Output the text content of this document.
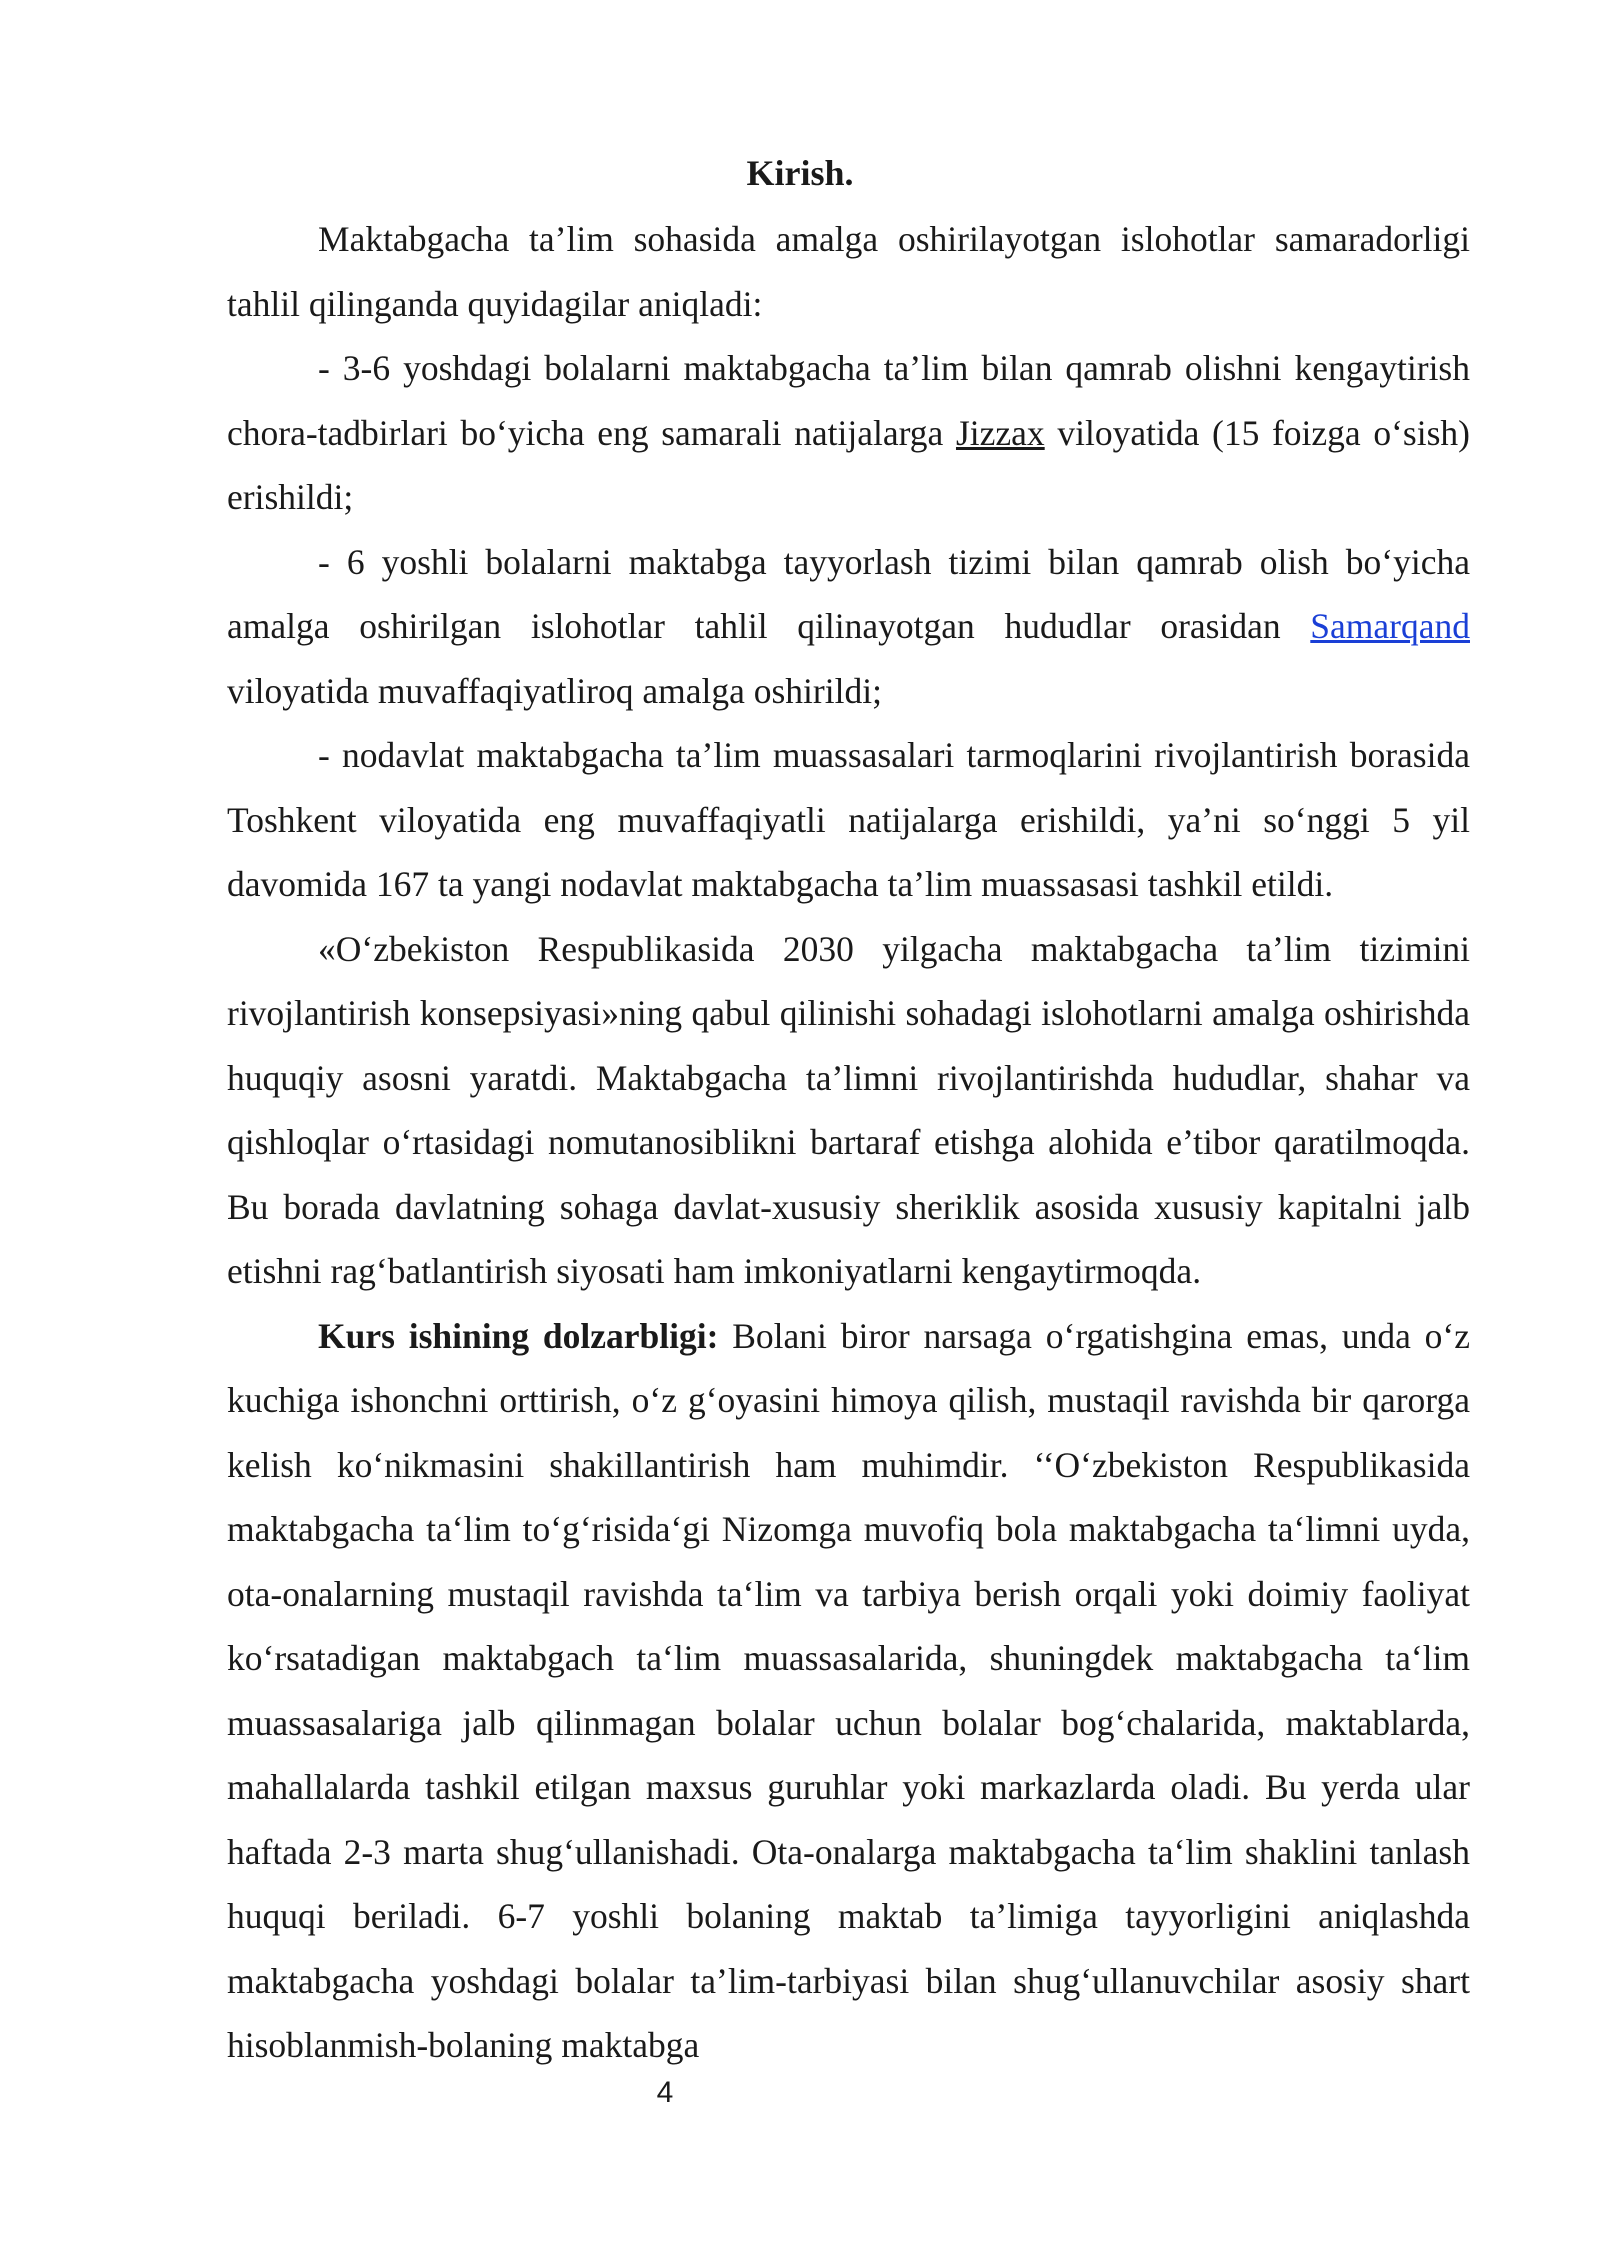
Kirish.

Maktabgacha ta’lim sohasida amalga oshirilayotgan islohotlar samaradorligi tahlil qilinganda quyidagilar aniqladi:

- 3-6 yoshdagi bolalarni maktabgacha ta’lim bilan qamrab olishni kengaytirish chora-tadbirlari bo‘yicha eng samarali natijalarga Jizzax viloyatida (15 foizga o‘sish) erishildi;

- 6 yoshli bolalarni maktabga tayyorlash tizimi bilan qamrab olish bo‘yicha amalga oshirilgan islohotlar tahlil qilinayotgan hududlar orasidan Samarqand viloyatida muvaffaqiyatliroq amalga oshirildi;

- nodavlat maktabgacha ta’lim muassasalari tarmoqlarini rivojlantirish borasida Toshkent viloyatida eng muvaffaqiyatli natijalarga erishildi, ya’ni so‘nggi 5 yil davomida 167 ta yangi nodavlat maktabgacha ta’lim muassasasi tashkil etildi.

«O‘zbekiston Respublikasida 2030 yilgacha maktabgacha ta’lim tizimini rivojlantirish konsepsiyasi»ning qabul qilinishi sohadagi islohotlarni amalga oshirishda huquqiy asosni yaratdi. Maktabgacha ta’limni rivojlantirishda hududlar, shahar va qishloqlar o‘rtasidagi nomutanosiblikni bartaraf etishga alohida e’tibor qaratilmoqda. Bu borada davlatning sohaga davlat-xususiy sheriklik asosida xususiy kapitalni jalb etishni rag‘batlantirish siyosati ham imkoniyatlarni kengaytirmoqda.

Kurs ishining dolzarbligi: Bolani biror narsaga o‘rgatishgina emas, unda o‘z kuchiga ishonchni orttirish, o‘z g‘oyasini himoya qilish, mustaqil ravishda bir qarorga kelish ko‘nikmasini shakillantirish ham muhimdir. ‘‘O‘zbekiston Respublikasida maktabgacha ta‘lim to‘g‘risida‘gi Nizomga muvofiq bola maktabgacha ta‘limni uyda, ota-onalarning mustaqil ravishda ta‘lim va tarbiya berish orqali yoki doimiy faoliyat ko‘rsatadigan maktabgach ta‘lim muassasalarida, shuningdek maktabgacha ta‘lim muassasalariga jalb qilinmagan bolalar uchun bolalar bog‘chalarida, maktablarda, mahallalarda tashkil etilgan maxsus guruhlar yoki markazlarda oladi. Bu yerda ular haftada 2-3 marta shug‘ullanishadi. Ota-onalarga maktabgacha ta‘lim shaklini tanlash huquqi beriladi. 6-7 yoshli bolaning maktab ta’limiga tayyorligini aniqlashda maktabgacha yoshdagi bolalar ta’lim-tarbiyasi bilan shug‘ullanuvchilar asosiy shart hisoblanmish-bolaning maktabga

4
